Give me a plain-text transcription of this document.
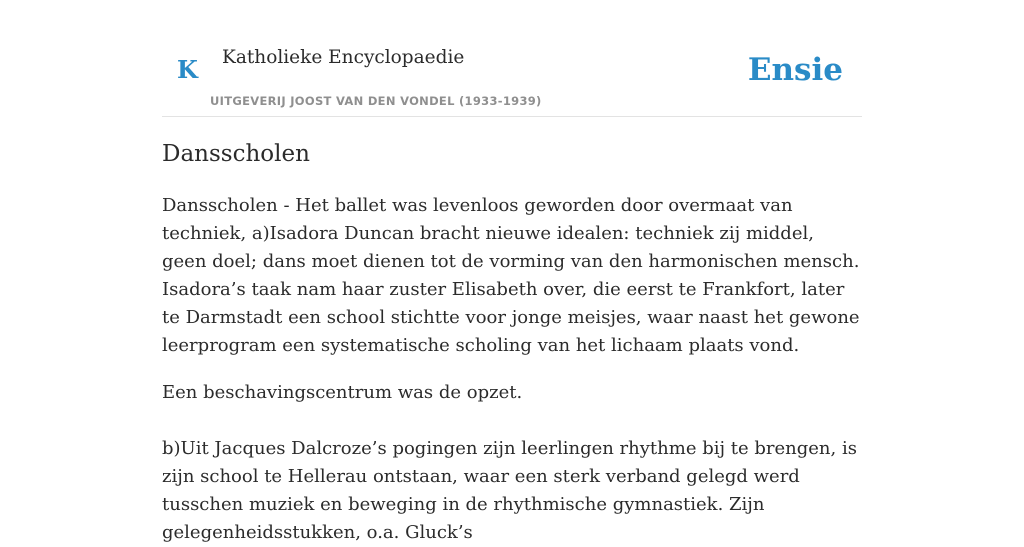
K Katholieke Encyclopaedie
UITGEVERIJ JOOST VAN DEN VONDEL (1933-1939)
Ensie
Dansscholen

Dansscholen - Het ballet was levenloos geworden door overmaat van techniek, a)Isadora Duncan bracht nieuwe idealen: techniek zij middel, geen doel; dans moet dienen tot de vorming van den harmonischen mensch. Isadora’s taak nam haar zuster Elisabeth over, die eerst te Frankfort, later te Darmstadt een school stichtte voor jonge meisjes, waar naast het gewone leerprogram een systematische scholing van het lichaam plaats vond.

Een beschavingscentrum was de opzet.

b)Uit Jacques Dalcroze’s pogingen zijn leerlingen rhythme bij te brengen, is zijn school te Hellerau ontstaan, waar een sterk verband gelegd werd tusschen muziek en beweging in de rhythmische gymnastiek. Zijn gelegenheidsstukken, o.a. Gluck’s
